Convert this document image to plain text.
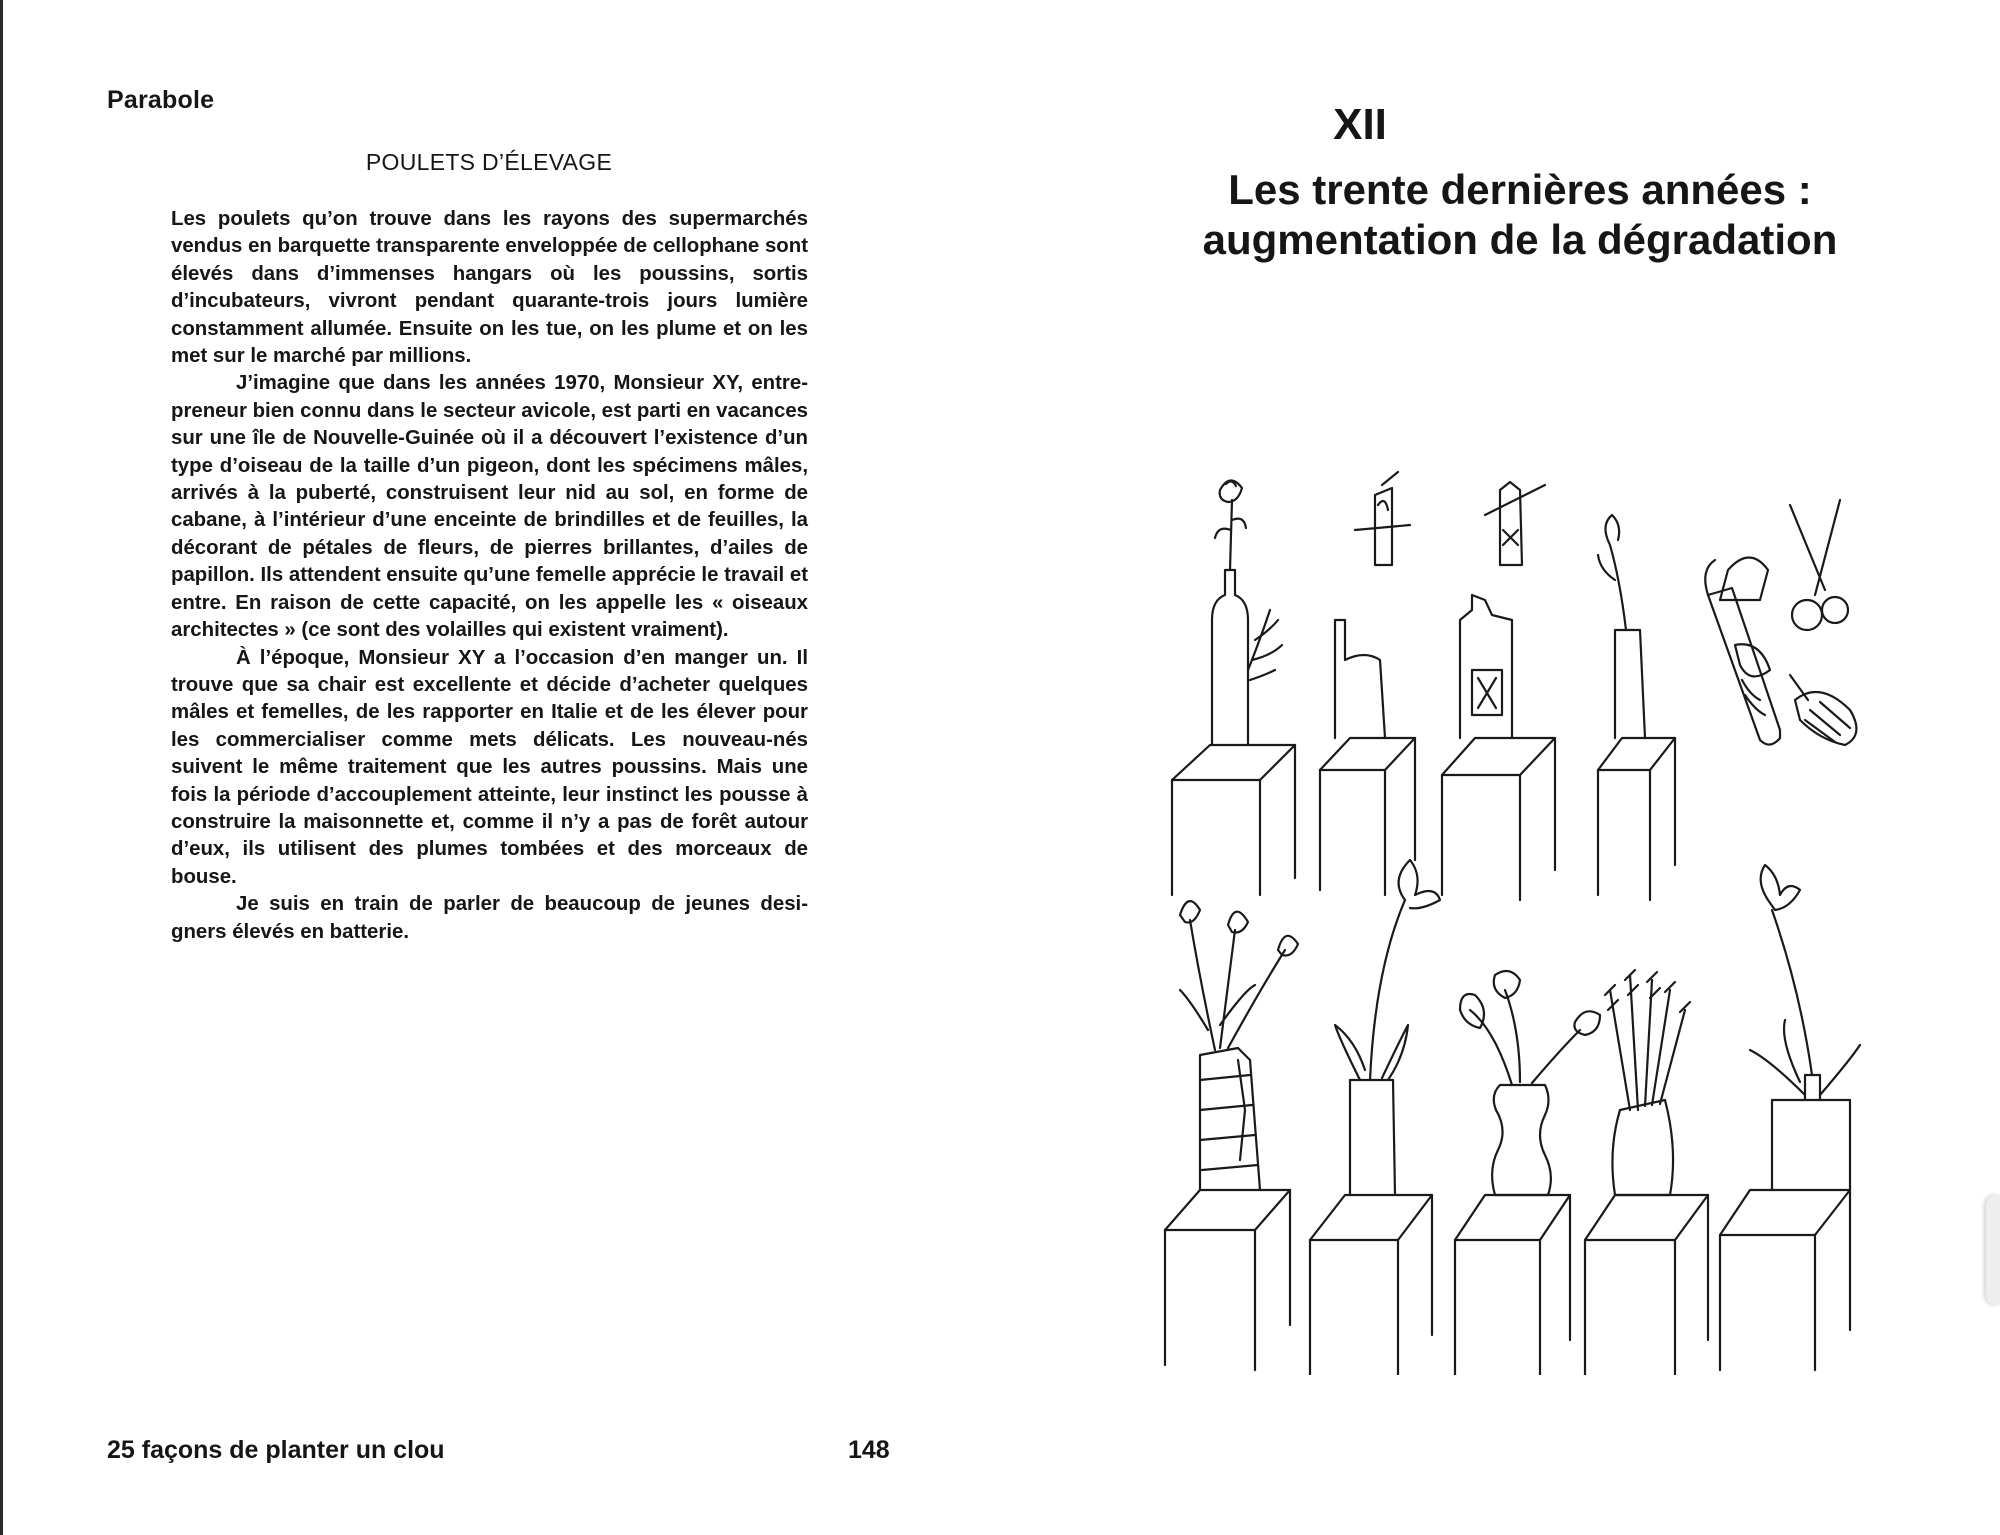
Parabole
POULETS D’ÉLEVAGE

Les poulets qu’on trouve dans les rayons des supermarchés vendus en barquette transparente enveloppée de cellophane sont élevés dans d’immenses hangars où les poussins, sortis d’incubateurs, vivront pendant quarante-trois jours lumière constamment allumée. Ensuite on les tue, on les plume et on les met sur le marché par millions.

J’imagine que dans les années 1970, Monsieur XY, entrepreneur bien connu dans le secteur avicole, est parti en vacances sur une île de Nouvelle-Guinée où il a découvert l’existence d’un type d’oiseau de la taille d’un pigeon, dont les spécimens mâles, arrivés à la puberté, construisent leur nid au sol, en forme de cabane, à l’intérieur d’une enceinte de brindilles et de feuilles, la décorant de pétales de fleurs, de pierres brillantes, d’ailes de papillon. Ils attendent ensuite qu’une femelle apprécie le travail et entre. En raison de cette capacité, on les appelle les « oiseaux architectes » (ce sont des volailles qui existent vraiment).

À l’époque, Monsieur XY a l’occasion d’en manger un. Il trouve que sa chair est excellente et décide d’acheter quelques mâles et femelles, de les rapporter en Italie et de les élever pour les commercialiser comme mets délicats. Les nouveau-nés suivent le même traitement que les autres poussins. Mais une fois la période d’accouplement atteinte, leur instinct les pousse à construire la maisonnette et, comme il n’y a pas de forêt autour d’eux, ils utilisent des plumes tombées et des morceaux de bouse.

Je suis en train de parler de beaucoup de jeunes designers élevés en batterie.

25 façons de planter un clou	148
XII
Les trente dernières années :
augmentation de la dégradation
